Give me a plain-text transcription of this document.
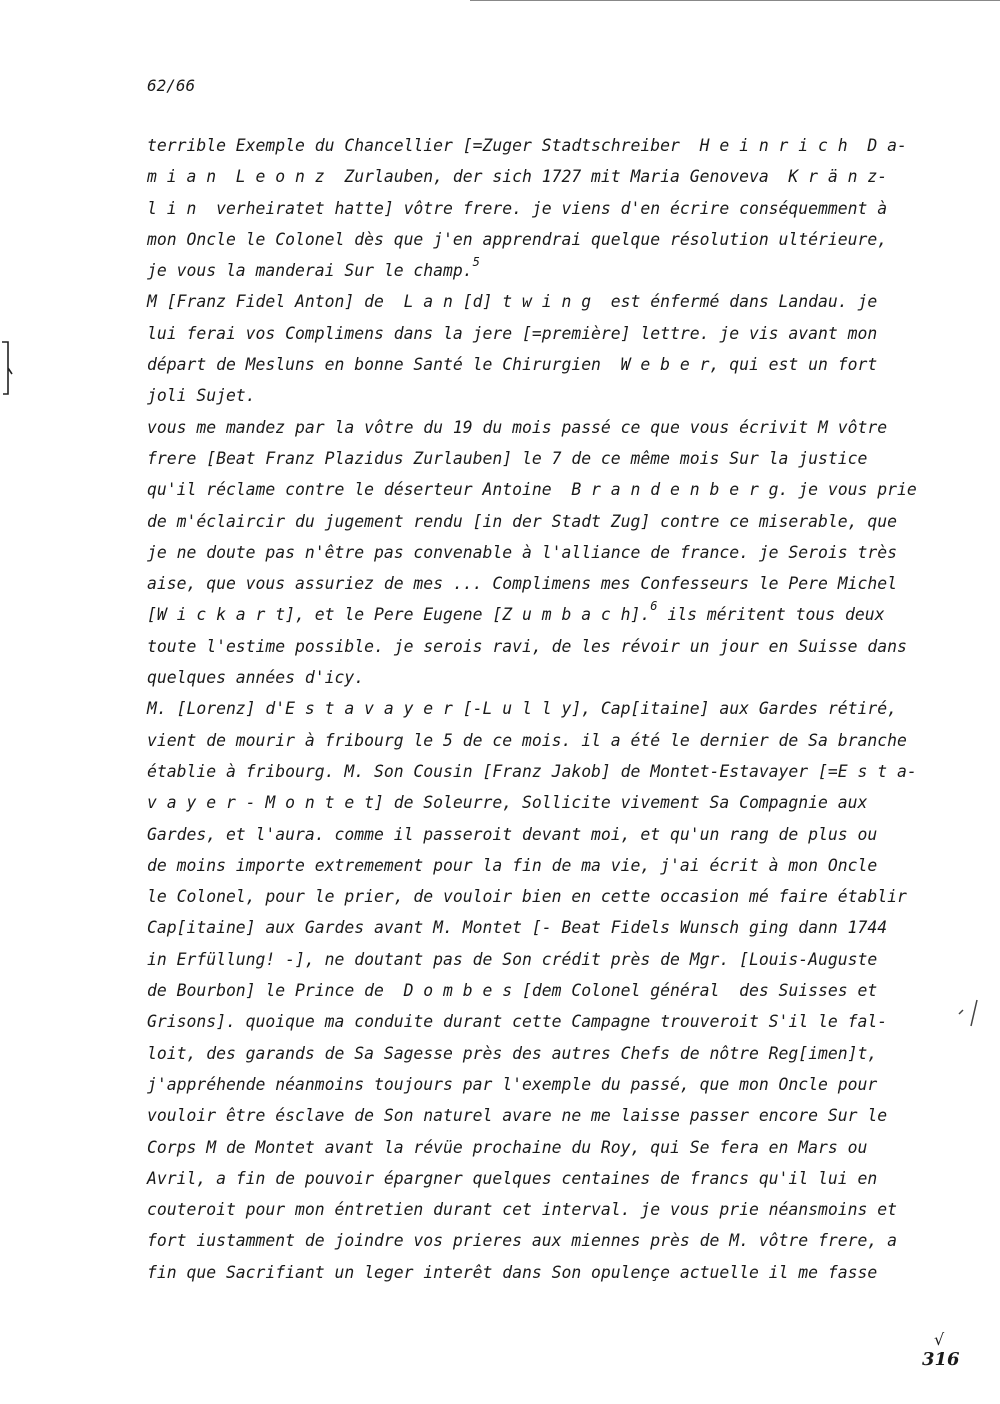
62/66
terrible Exemple du Chancellier [=Zuger Stadtschreiber  H e i n r i c h  D a-
m i a n  L e o n z  Zurlauben, der sich 1727 mit Maria Genoveva  K r ä n z-
l i n  verheiratet hatte] vôtre frere. je viens d'en écrire conséquemment à
mon Oncle le Colonel dès que j'en apprendrai quelque résolution ultérieure,
je vous la manderai Sur le champ.$^5$
M [Franz Fidel Anton] de  L a n [d] t w i n g  est énfermé dans Landau. je
lui ferai vos Complimens dans la jere [=première] lettre. je vis avant mon
départ de Mesluns en bonne Santé le Chirurgien  W e b e r, qui est un fort
joli Sujet.
vous me mandez par la vôtre du 19 du mois passé ce que vous écrivit M vôtre
frere [Beat Franz Plazidus Zurlauben] le 7 de ce même mois Sur la justice
qu'il réclame contre le déserteur Antoine  B r a n d e n b e r g. je vous prie
de m'éclaircir du jugement rendu [in der Stadt Zug] contre ce miserable, que
je ne doute pas n'être pas convenable à l'alliance de france. je Serois très
aise, que vous assuriez de mes ... Complimens mes Confesseurs le Pere Michel
[W i c k a r t], et le Pere Eugene [Z u m b a c h].$^6$ ils méritent tous deux
toute l'estime possible. je serois ravi, de les révoir un jour en Suisse dans
quelques années d'icy.
M. [Lorenz] d'E s t a v a y e r [-L u l l y], Cap[itaine] aux Gardes rétiré,
vient de mourir à fribourg le 5 de ce mois. il a été le dernier de Sa branche
établie à fribourg. M. Son Cousin [Franz Jakob] de Montet-Estavayer [=E s t a-
v a y e r - M o n t e t] de Soleurre, Sollicite vivement Sa Compagnie aux
Gardes, et l'aura. comme il passeroit devant moi, et qu'un rang de plus ou
de moins importe extremement pour la fin de ma vie, j'ai écrit à mon Oncle
le Colonel, pour le prier, de vouloir bien en cette occasion mé faire établir
Cap[itaine] aux Gardes avant M. Montet [- Beat Fidels Wunsch ging dann 1744
in Erfüllung! -], ne doutant pas de Son crédit près de Mgr. [Louis-Auguste
de Bourbon] le Prince de  D o m b e s [dem Colonel général  des Suisses et
Grisons]. quoique ma conduite durant cette Campagne trouveroit S'il le fal-
loit, des garands de Sa Sagesse près des autres Chefs de nôtre Reg[imen]t,
j'appréhende néanmoins toujours par l'exemple du passé, que mon Oncle pour
vouloir être ésclave de Son naturel avare ne me laisse passer encore Sur le
Corps M de Montet avant la révüe prochaine du Roy, qui Se fera en Mars ou
Avril, a fin de pouvoir épargner quelques centaines de francs qu'il lui en
couteroit pour mon éntretien durant cet interval. je vous prie néansmoins et
fort iustamment de joindre vos prieres aux miennes près de M. vôtre frere, a
fin que Sacrifiant un leger interêt dans Son opulençe actuelle il me fasse
√
316
